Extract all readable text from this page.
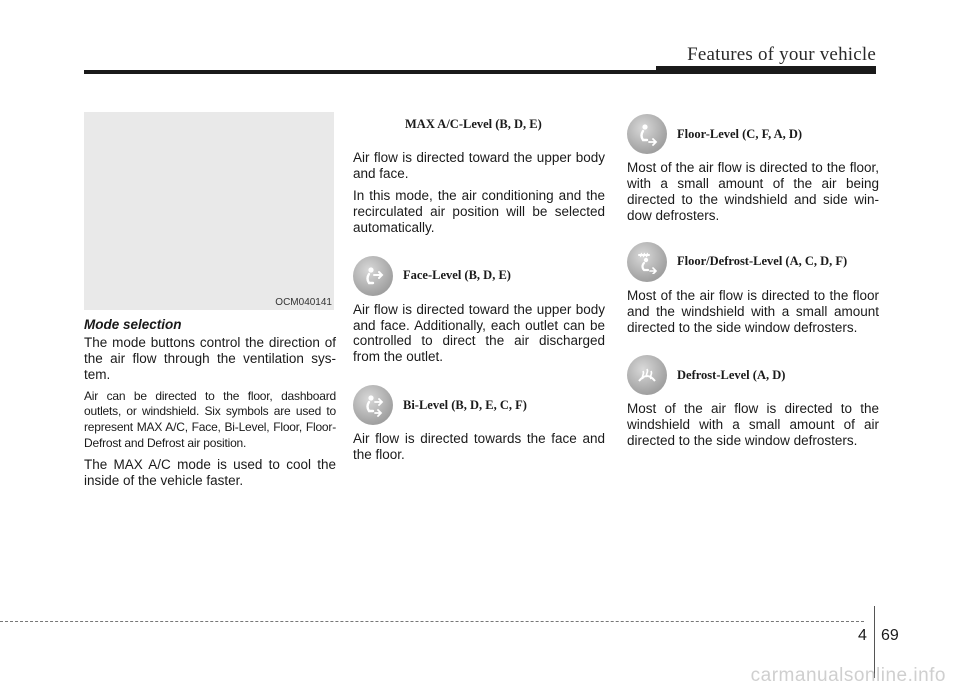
Features of your vehicle
OCM040141
Mode selection

The mode buttons control the direction of the air flow through the ventilation sys-tem.

Air can be directed to the floor, dashboard outlets, or windshield. Six symbols are used to represent MAX A/C, Face, Bi-Level, Floor, Floor-Defrost and Defrost air position.

The MAX A/C mode is used to cool the inside of the vehicle faster.

MAX A/C-Level (B, D, E)

Air flow is directed toward the upper body and face.

In this mode, the air conditioning and the recirculated air position will be selected automatically.

Face-Level (B, D, E)

Air flow is directed toward the upper body and face. Additionally, each outlet can be controlled to direct the air discharged from the outlet.

Bi-Level (B, D, E, C, F)

Air flow is directed towards the face and the floor.

Floor-Level (C, F, A, D)

Most of the air flow is directed to the floor, with a small amount of the air being directed to the windshield and side win-dow defrosters.

Floor/Defrost-Level (A, C, D, F)

Most of the air flow is directed to the floor and the windshield with a small amount directed to the side window defrosters.

Defrost-Level (A, D)

Most of the air flow is directed to the windshield with a small amount of air directed to the side window defrosters.

4 69
carmanualsonline.info
